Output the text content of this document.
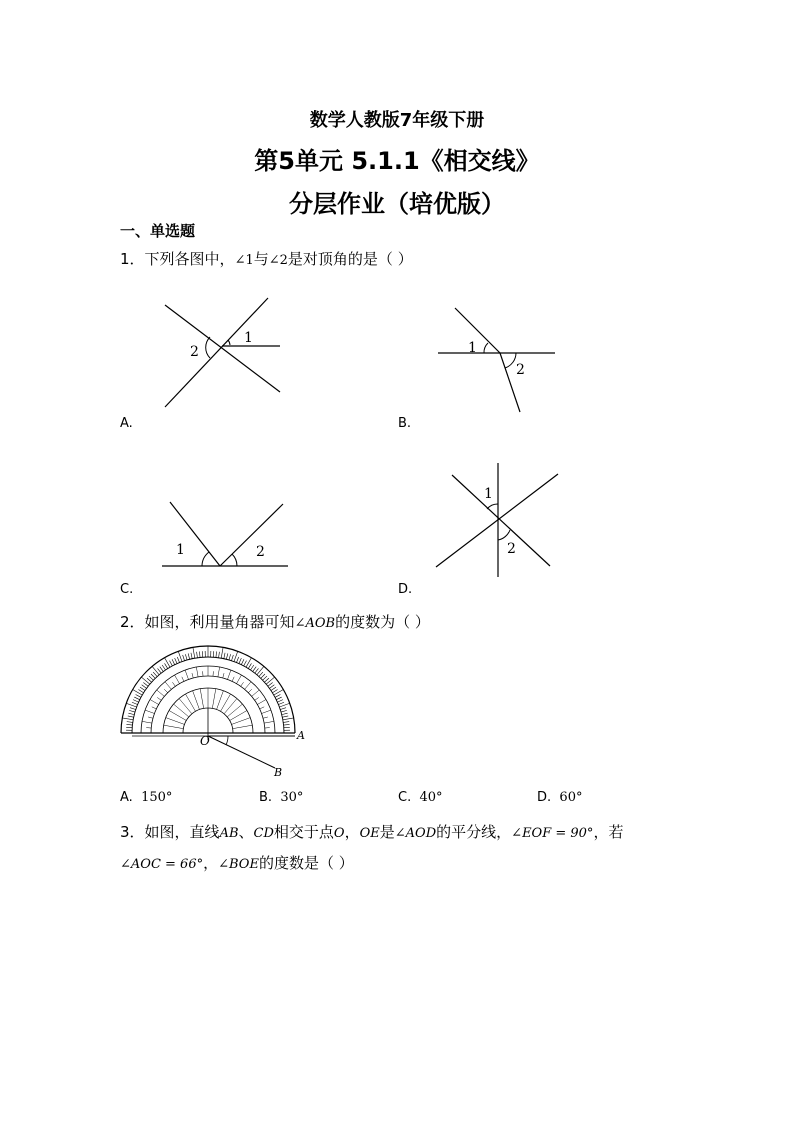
数学人教版7年级下册
第5单元 5.1.1《相交线》
分层作业（培优版）
一、单选题
1．下列各图中，∠1与∠2是对顶角的是（ ）
1
2
A.
1
2
B.
1	2
C.
1
2
D.
2．如图，利用量角器可知∠AOB的度数为（ ）
O	A
B
A. 150°	B. 30°	C. 40°	D. 60°
3．如图，直线AB、CD相交于点O，OE是∠AOD的平分线，∠EOF = 90°，若
∠AOC = 66°，∠BOE的度数是（ ）
